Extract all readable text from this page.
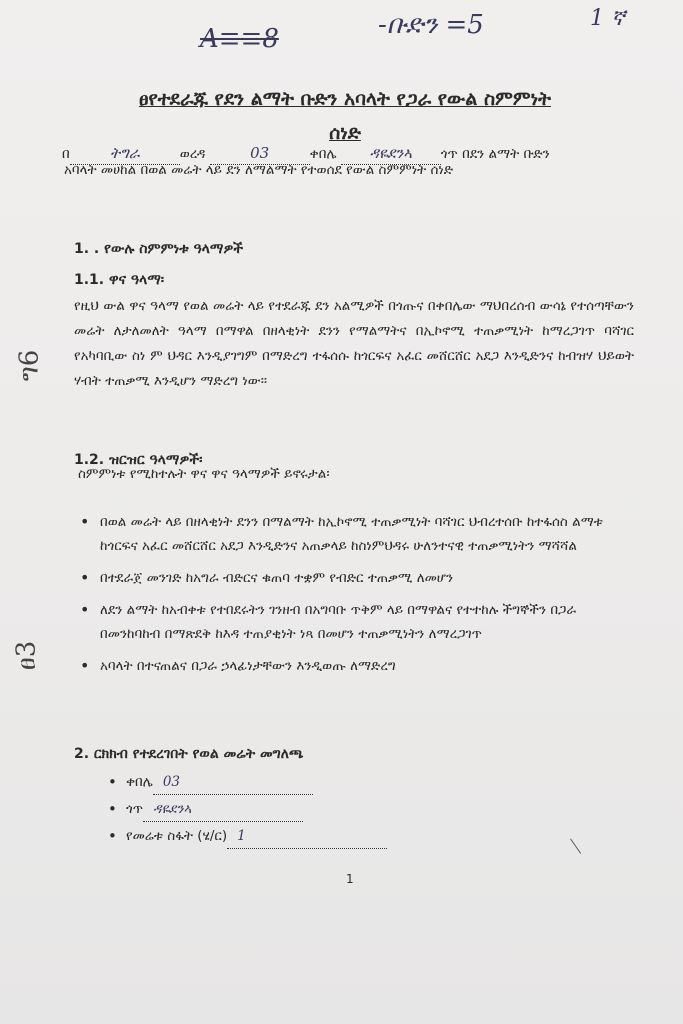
A≡≡8	-ቡድን =5	1 ኛ
ፀየተደራጁ የደን ልማት ቡድን አባላት የጋራ የውል ስምምነት
ሰነድ
በ	ትግራ	ወረዳ	03	ቀበሌ ዳዬደንኣ ጎጥ በደን ልማት ቡድን
አባላት መሀከል በወል መሬት ላይ ደን ለማልማት የተወሰደ የውል ስምምነት ሰነድ
1. . የውሉ ስምምነቱ ዓላማዎች
1.1. ዋና ዓላማ፡
የዚህ ውል ዋና ዓላማ የወል መሬት ላይ የተደራጁ ደን አልሚዎች በጎጡና በቀበሌው ማህበረሰብ ውሳኔ የተሰጣቸውን መሬት ለታለመለት ዓላማ በማዋል በዘላቂነት ደንን የማልማትና በኢኮኖሚ ተጠቃሚነት ከማረጋገጥ ባሻገር የአካባቢው ስነ ም ህዳር እንዲያገግም በማድረግ ተፋሰሱ ከጎርፍና አፈር መሸርሸር አደጋ እንዲድንና ከብዝሃ ህይወት ሃብት ተጠቃሚ እንዲሆን ማድረግ ነው፡፡
1.2. ዝርዝር ዓላማዎች፡
ስምምነቱ የሚከተሉት ዋና ዋና ዓላማዎች ይኖሩታል፡
• በወል መሬት ላይ በዘላቂነት ደንን በማልማት ከኢኮኖሚ ተጠቃሚነት ባሻገር ህብረተሰቡ ከተፋሰስ ልማቱ ከጎርፍና አፈር መሸርሸር አደጋ እንዲድንና አጠቃላይ ከስነምህዳሩ ሁለንተናዊ ተጠቃሚነትን ማሻሻል
• በተደራጀ መንገድ ከአግራ ብድርና ቁጠባ ተቋም የብድር ተጠቃሚ ለመሆን
• ለደን ልማት ከአብቀቱ የተበደሩትን ገንዘብ በአግባቡ ጥቅም ላይ በማዋልና የተተከሉ ችግኞችን በጋራ በመንከባከብ በማጽደቅ ከእዳ ተጠያቂነት ነጻ በመሆን ተጠቃሚነትን ለማረጋገጥ
• አባላት በተናጠልና በጋራ ኃላፊነታቸውን እንዲወጡ ለማድረግ
2. ርክክብ የተደረገበት የወል መሬት መግለጫ
• ቀበሌ 03
• ጎጥ ዳዬደንኣ
• የመሬቱ ስፋት (ሄ/ር) 1
1
ግ6
ፀ3
